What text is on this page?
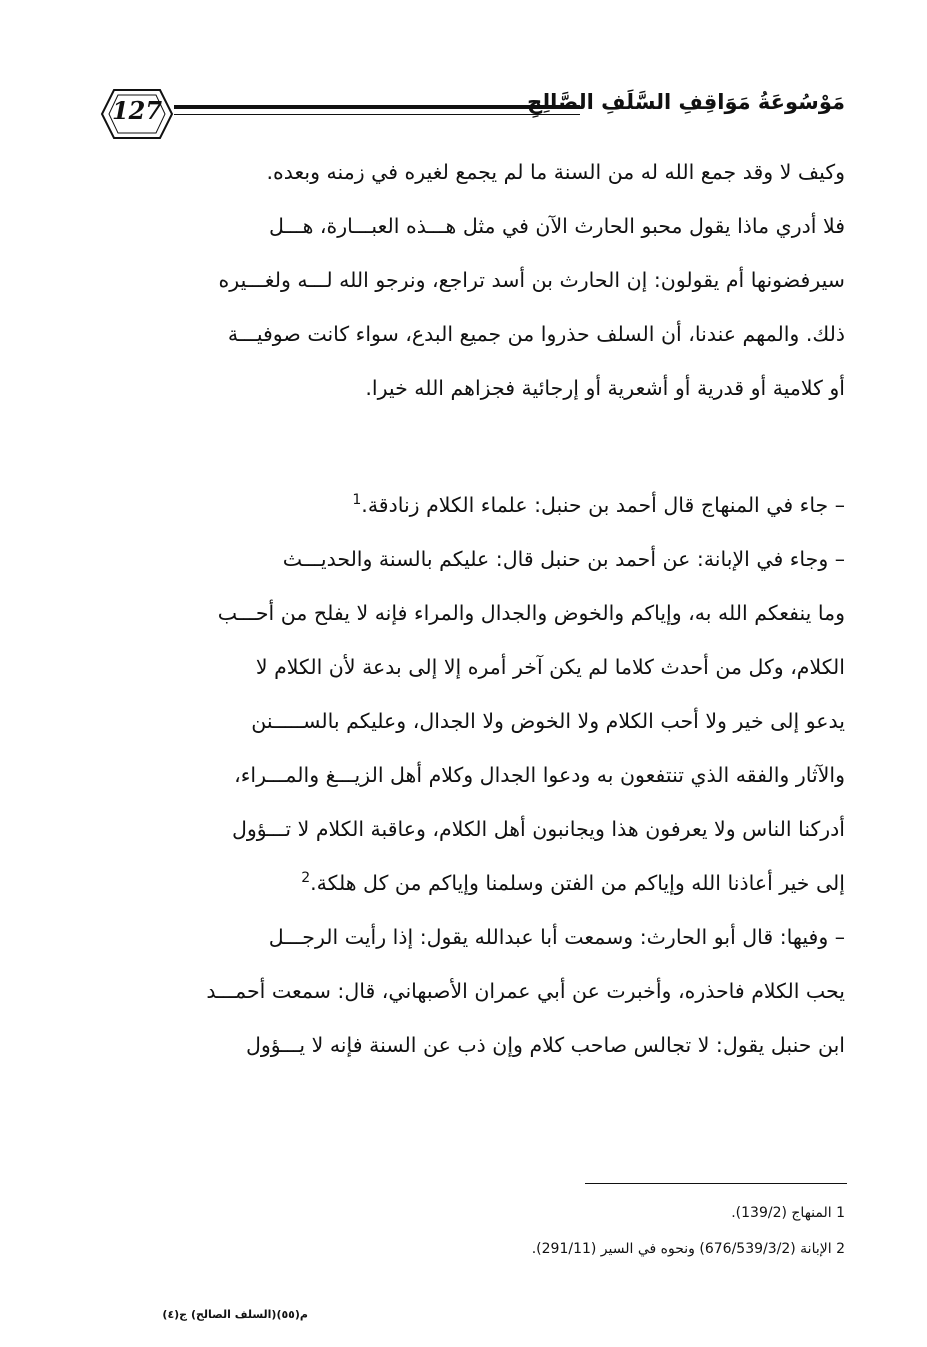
127	مَوْسُوعَةُ مَوَاقِفِ السَّلَفِ الصَّالِحِ
وكيف لا وقد جمع الله له من السنة ما لم يجمع لغيره في زمنه وبعده.
فلا أدري ماذا يقول محبو الحارث الآن في مثل هـــذه العبـــارة، هـــل
سيرفضونها أم يقولون: إن الحارث بن أسد تراجع، ونرجو الله لـــه ولغـــيره
ذلك. والمهم عندنا، أن السلف حذروا من جميع البدع، سواء كانت صوفيـــة
أو كلامية أو قدرية أو أشعرية أو إرجائية فجزاهم الله خيرا.
– جاء في المنهاج قال أحمد بن حنبل: علماء الكلام زنادقة.$^1$
– وجاء في الإبانة: عن أحمد بن حنبل قال: عليكم بالسنة والحديـــث
وما ينفعكم الله به، وإياكم والخوض والجدال والمراء فإنه لا يفلح من أحـــب
الكلام، وكل من أحدث كلاما لم يكن آخر أمره إلا إلى بدعة لأن الكلام لا
يدعو إلى خير ولا أحب الكلام ولا الخوض ولا الجدال، وعليكم بالســـــنن
والآثار والفقه الذي تنتفعون به ودعوا الجدال وكلام أهل الزيـــغ والمـــراء،
أدركنا الناس ولا يعرفون هذا ويجانبون أهل الكلام، وعاقبة الكلام لا تـــؤول
إلى خير أعاذنا الله وإياكم من الفتن وسلمنا وإياكم من كل هلكة.$^2$
– وفيها: قال أبو الحارث: وسمعت أبا عبدالله يقول: إذا رأيت الرجـــل
يحب الكلام فاحذره، وأخبرت عن أبي عمران الأصبهاني، قال: سمعت أحمـــد
ابن حنبل يقول: لا تجالس صاحب كلام وإن ذب عن السنة فإنه لا يـــؤول
1 المنهاج (139/2).
2 الإبانة (676/539/3/2) ونحوه في السير (291/11).
م(٥٥)(السلف الصالح) ج(٤)
